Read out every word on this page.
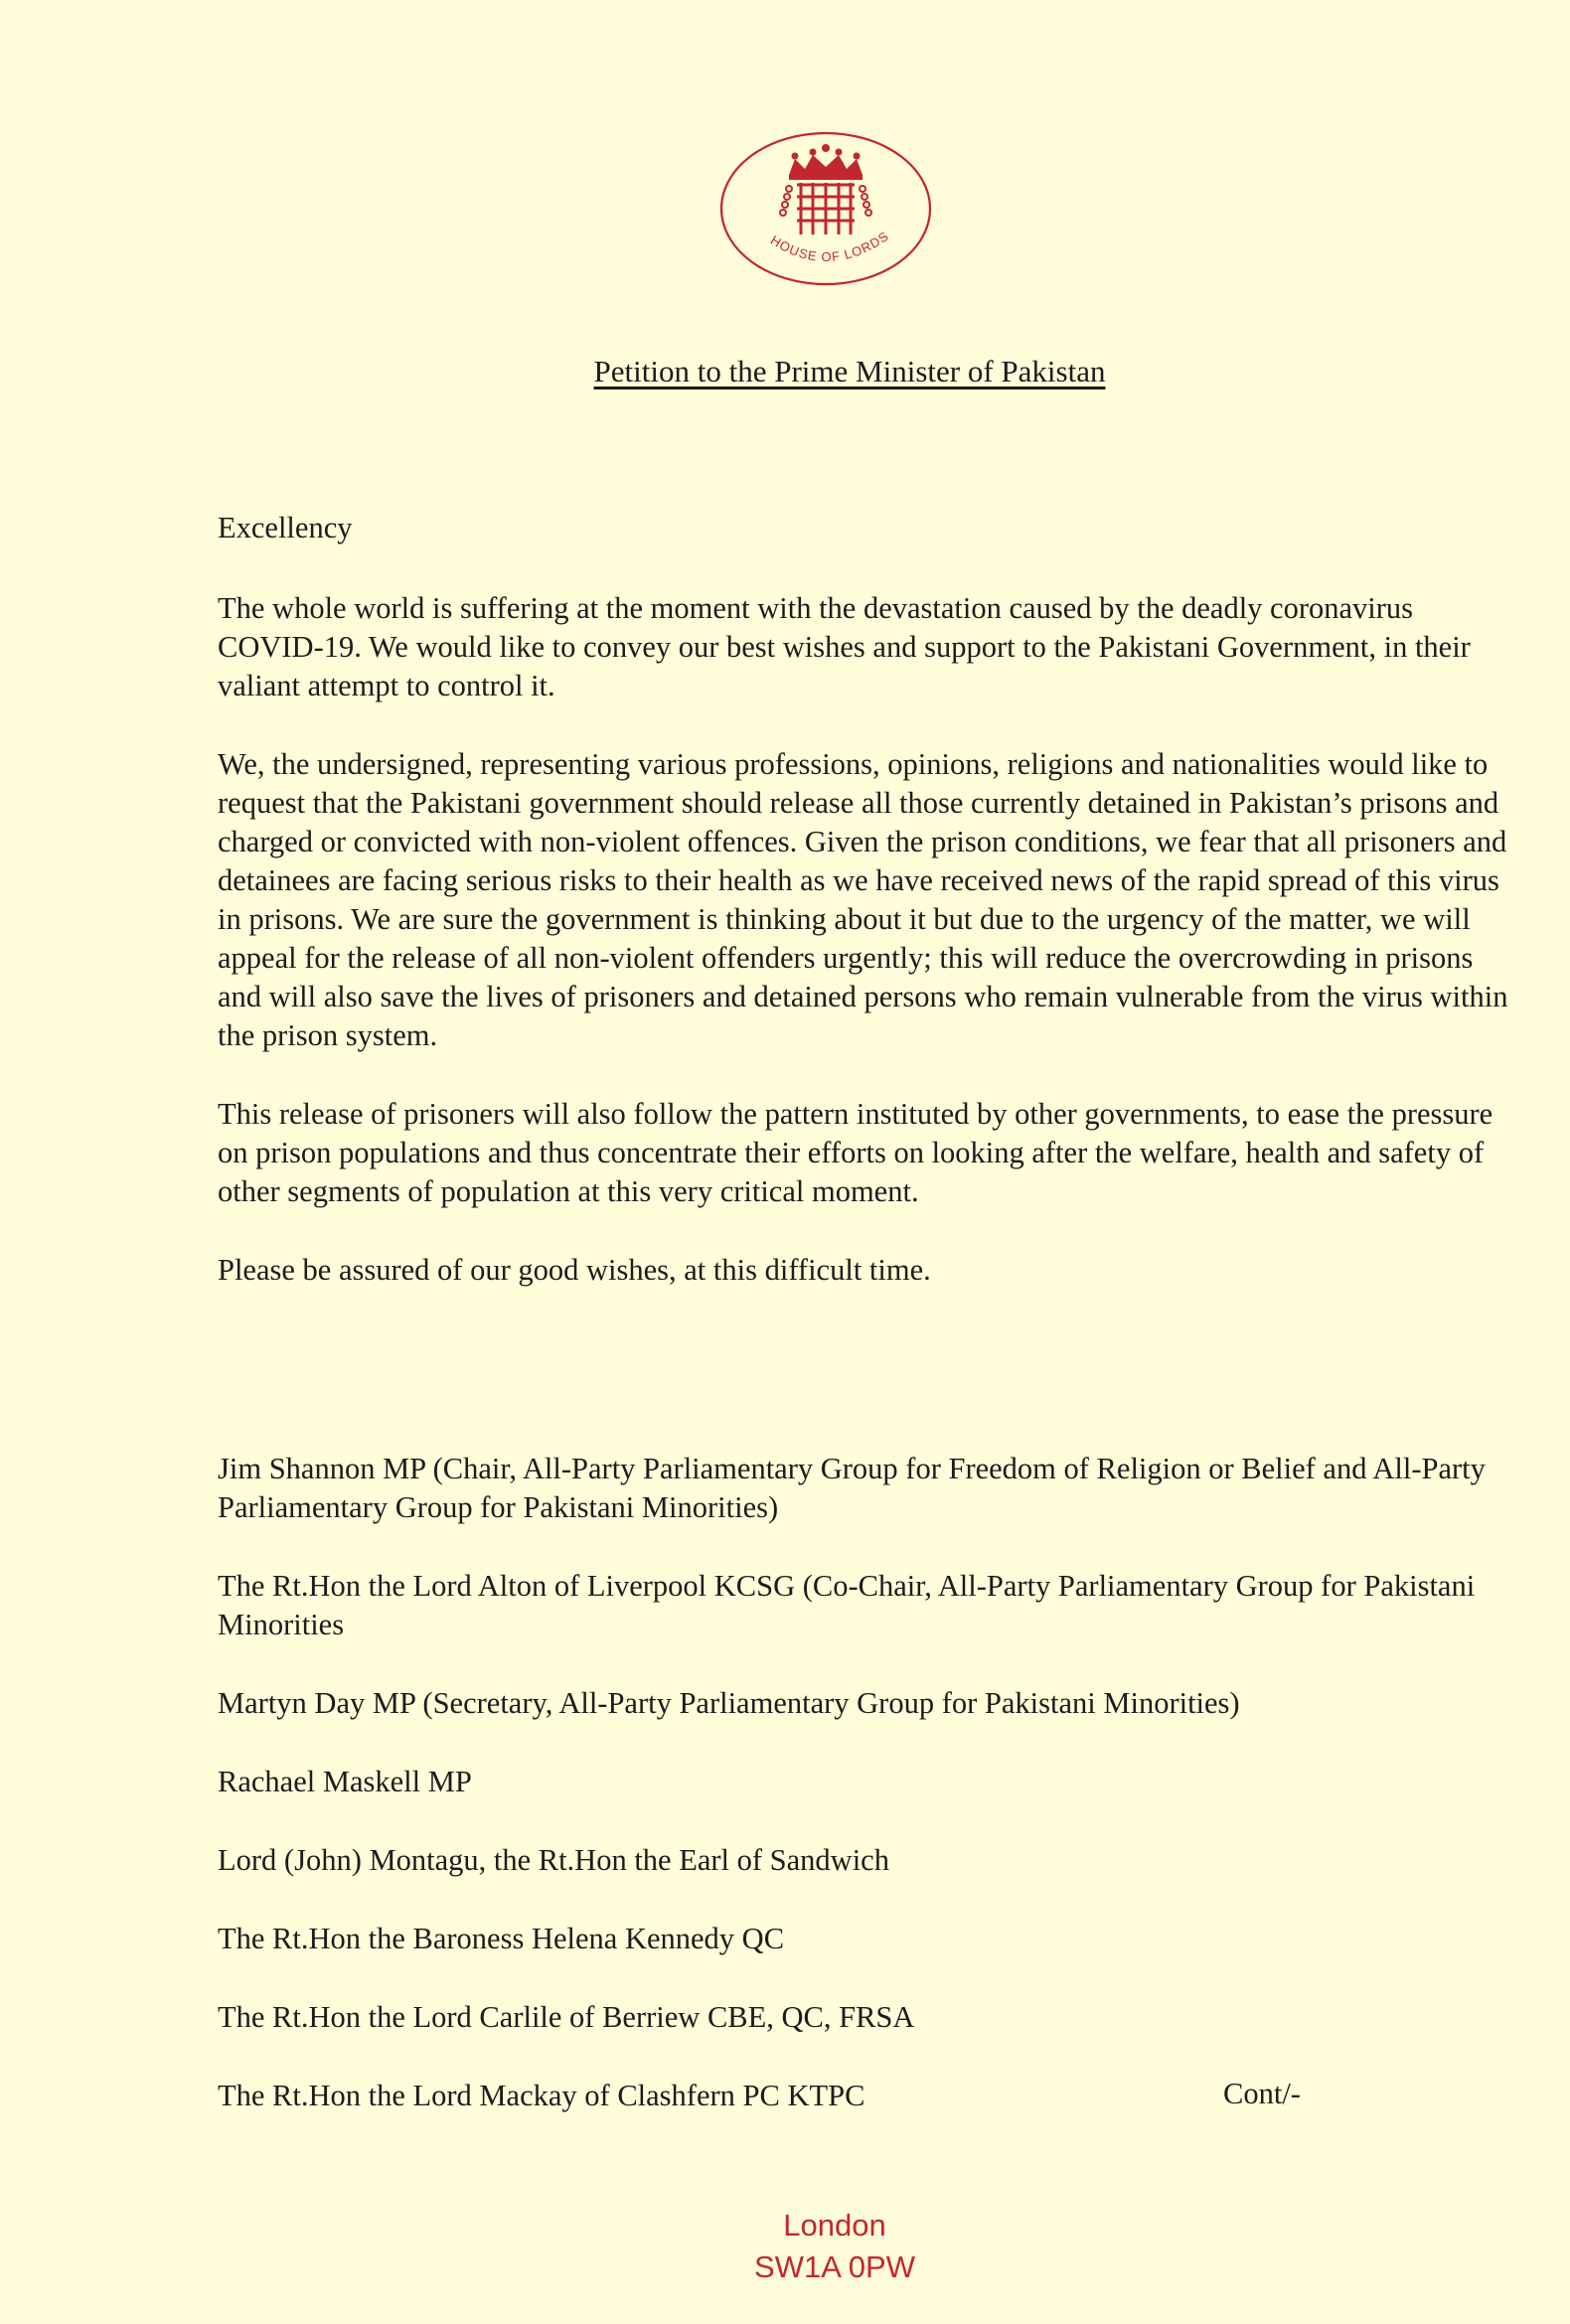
HOUSE OF LORDS
Petition to the Prime Minister of Pakistan

Excellency

The whole world is suffering at the moment with the devastation caused by the deadly coronavirus COVID-19. We would like to convey our best wishes and support to the Pakistani Government, in their valiant attempt to control it.

We, the undersigned, representing various professions, opinions, religions and nationalities would like to request that the Pakistani government should release all those currently detained in Pakistan’s prisons and charged or convicted with non-violent offences. Given the prison conditions, we fear that all prisoners and detainees are facing serious risks to their health as we have received news of the rapid spread of this virus in prisons. We are sure the government is thinking about it but due to the urgency of the matter, we will appeal for the release of all non-violent offenders urgently; this will reduce the overcrowding in prisons and will also save the lives of prisoners and detained persons who remain vulnerable from the virus within the prison system.

This release of prisoners will also follow the pattern instituted by other governments, to ease the pressure on prison populations and thus concentrate their efforts on looking after the welfare, health and safety of other segments of population at this very critical moment.

Please be assured of our good wishes, at this difficult time.

Jim Shannon MP (Chair, All-Party Parliamentary Group for Freedom of Religion or Belief and All-Party Parliamentary Group for Pakistani Minorities)

The Rt.Hon the Lord Alton of Liverpool KCSG (Co-Chair, All-Party Parliamentary Group for Pakistani Minorities

Martyn Day MP (Secretary, All-Party Parliamentary Group for Pakistani Minorities)

Rachael Maskell MP

Lord (John) Montagu, the Rt.Hon the Earl of Sandwich

The Rt.Hon the Baroness Helena Kennedy QC

The Rt.Hon the Lord Carlile of Berriew CBE, QC, FRSA

The Rt.Hon the Lord Mackay of Clashfern PC KTPC	Cont/-
London
SW1A 0PW
